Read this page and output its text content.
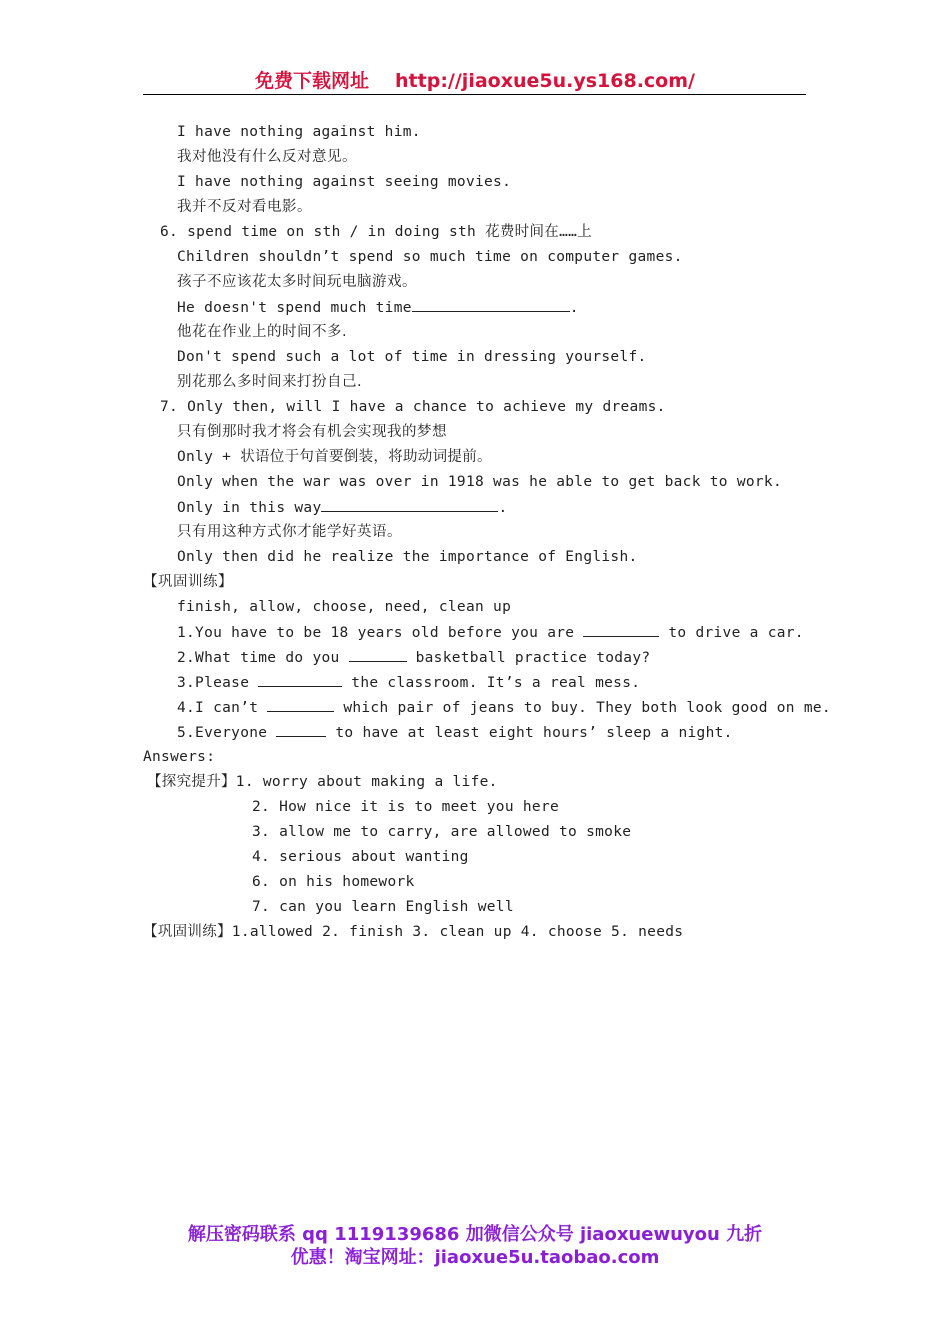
免费下载网址 http://jiaoxue5u.ys168.com/
I have nothing against him.
我对他没有什么反对意见。
I have nothing against seeing movies.
我并不反对看电影。
6. spend time on sth / in doing sth 花费时间在……上
Children shouldn’t spend so much time on computer games.
孩子不应该花太多时间玩电脑游戏。
He doesn't spend much time	.
他花在作业上的时间不多.
Don't spend such a lot of time in dressing yourself.
别花那么多时间来打扮自己.
7. Only then, will I have a chance to achieve my dreams.
只有倒那时我才将会有机会实现我的梦想
Only + 状语位于句首要倒装，将助动词提前。
Only when the war was over in 1918 was he able to get back to work.
Only in this way	.
只有用这种方式你才能学好英语。
Only then did he realize the importance of English.
【巩固训练】
finish, allow, choose, need, clean up
1.You have to be 18 years old before you are	to drive a car.
2.What time do you	basketball practice today?
3.Please	the classroom. It’s a real mess.
4.I can’t	which pair of jeans to buy. They both look good on me.
5.Everyone	to have at least eight hours’ sleep a night.
Answers:
【探究提升】1. worry about making a life.
2. How nice it is to meet you here
3. allow me to carry, are allowed to smoke
4. serious about wanting
6. on his homework
7. can you learn English well
【巩固训练】1.allowed 2. finish 3. clean up 4. choose 5. needs
解压密码联系 qq 1119139686 加微信公众号 jiaoxuewuyou 九折
优惠！淘宝网址：jiaoxue5u.taobao.com
